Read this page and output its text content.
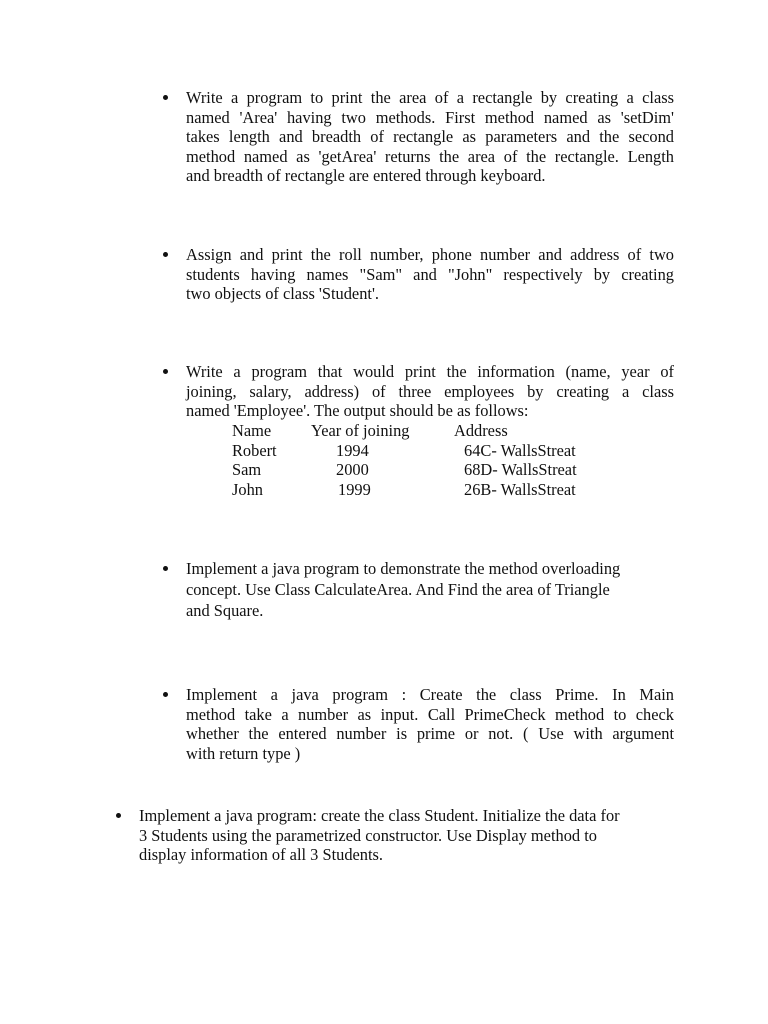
Write a program to print the area of a rectangle by creating a class
named 'Area' having two methods. First method named as 'setDim'
takes length and breadth of rectangle as parameters and the second
method named as 'getArea' returns the area of the rectangle. Length
and breadth of rectangle are entered through keyboard.
Assign and print the roll number, phone number and address of two
students having names "Sam" and "John" respectively by creating
two objects of class 'Student'.
Write a program that would print the information (name, year of
joining, salary, address) of three employees by creating a class
named 'Employee'. The output should be as follows:
Name Year of joining	Address
Robert	1994	64C- WallsStreat
Sam	2000	68D- WallsStreat
John	1999	26B- WallsStreat
Implement a java program to demonstrate the method overloading
concept. Use Class CalculateArea. And Find the area of Triangle
and Square.
Implement a java program : Create the class Prime. In Main
method take a number as input. Call PrimeCheck method to check
whether the entered number is prime or not. ( Use with argument
with return type )
Implement a java program: create the class Student. Initialize the data for
3 Students using the parametrized constructor. Use Display method to
display information of all 3 Students.
